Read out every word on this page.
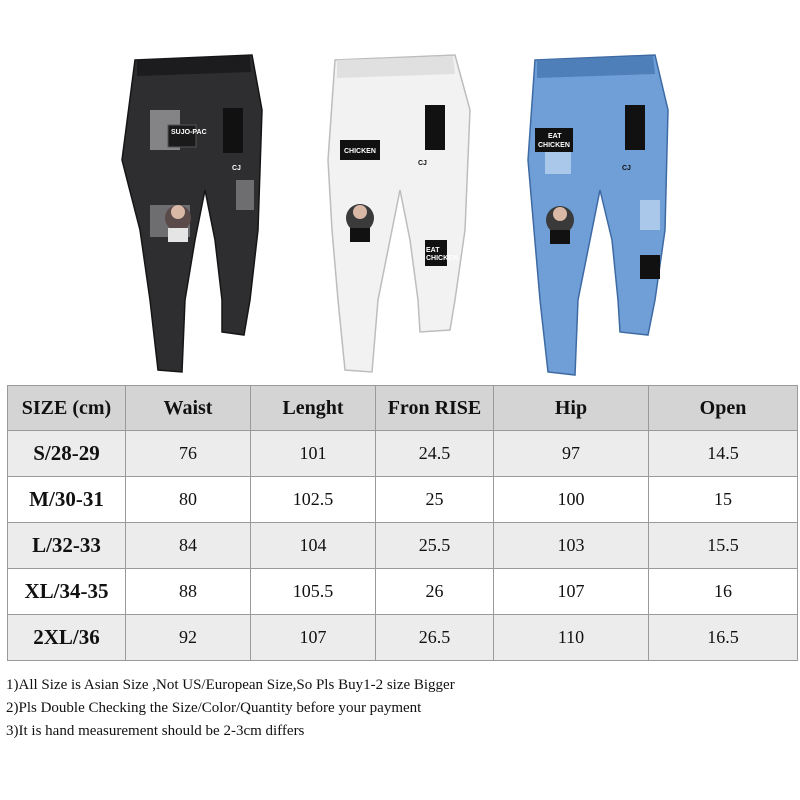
SUJO-PAC
CJ
CHICKEN
CJ
EAT
CHICKEN
EAT
CHICKEN
CJ
SIZE (cm)	Waist	Lenght	Fron RISE	Hip	Open
S/28-29	76	101	24.5	97	14.5
M/30-31	80	102.5	25	100	15
L/32-33	84	104	25.5	103	15.5
XL/34-35	88	105.5	26	107	16
2XL/36	92	107	26.5	110	16.5
1)All Size is Asian Size ,Not US/European Size,So Pls Buy1-2 size Bigger
2)Pls Double Checking the Size/Color/Quantity before your payment
3)It is hand measurement should be 2-3cm differs
